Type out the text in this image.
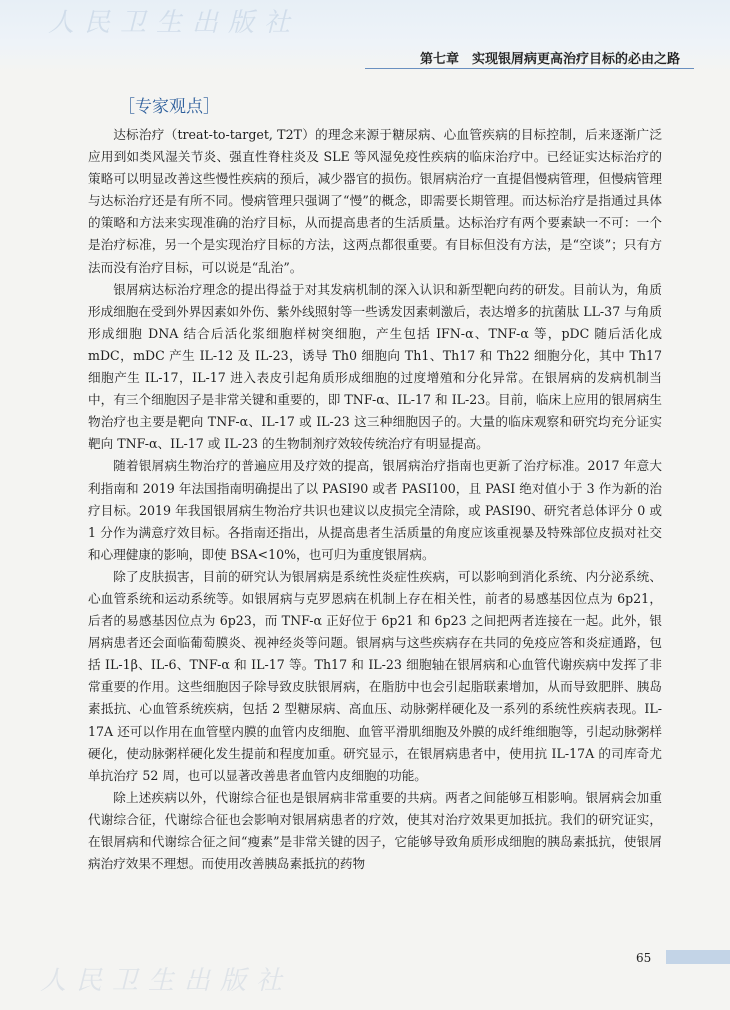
人民卫生出版社
第七章　实现银屑病更高治疗目标的必由之路
［专家观点］

达标治疗（treat-to-target, T2T）的理念来源于糖尿病、心血管疾病的目标控制，后来逐渐广泛应用到如类风湿关节炎、强直性脊柱炎及 SLE 等风湿免疫性疾病的临床治疗中。已经证实达标治疗的策略可以明显改善这些慢性疾病的预后，减少器官的损伤。银屑病治疗一直提倡慢病管理，但慢病管理与达标治疗还是有所不同。慢病管理只强调了“慢”的概念，即需要长期管理。而达标治疗是指通过具体的策略和方法来实现准确的治疗目标，从而提高患者的生活质量。达标治疗有两个要素缺一不可：一个是治疗标准，另一个是实现治疗目标的方法，这两点都很重要。有目标但没有方法，是“空谈”；只有方法而没有治疗目标，可以说是“乱治”。

银屑病达标治疗理念的提出得益于对其发病机制的深入认识和新型靶向药的研发。目前认为，角质形成细胞在受到外界因素如外伤、紫外线照射等一些诱发因素刺激后，表达增多的抗菌肽 LL-37 与角质形成细胞 DNA 结合后活化浆细胞样树突细胞，产生包括 IFN-α、TNF-α 等，pDC 随后活化成 mDC，mDC 产生 IL-12 及 IL-23，诱导 Th0 细胞向 Th1、Th17 和 Th22 细胞分化，其中 Th17 细胞产生 IL-17，IL-17 进入表皮引起角质形成细胞的过度增殖和分化异常。在银屑病的发病机制当中，有三个细胞因子是非常关键和重要的，即 TNF-α、IL-17 和 IL-23。目前，临床上应用的银屑病生物治疗也主要是靶向 TNF-α、IL-17 或 IL-23 这三种细胞因子的。大量的临床观察和研究均充分证实靶向 TNF-α、IL-17 或 IL-23 的生物制剂疗效较传统治疗有明显提高。

随着银屑病生物治疗的普遍应用及疗效的提高，银屑病治疗指南也更新了治疗标准。2017 年意大利指南和 2019 年法国指南明确提出了以 PASI90 或者 PASI100，且 PASI 绝对值小于 3 作为新的治疗目标。2019 年我国银屑病生物治疗共识也建议以皮损完全清除，或 PASI90、研究者总体评分 0 或 1 分作为满意疗效目标。各指南还指出，从提高患者生活质量的角度应该重视暴及特殊部位皮损对社交和心理健康的影响，即使 BSA<10%，也可归为重度银屑病。

除了皮肤损害，目前的研究认为银屑病是系统性炎症性疾病，可以影响到消化系统、内分泌系统、心血管系统和运动系统等。如银屑病与克罗恩病在机制上存在相关性，前者的易感基因位点为 6p21，后者的易感基因位点为 6p23，而 TNF-α 正好位于 6p21 和 6p23 之间把两者连接在一起。此外，银屑病患者还会面临葡萄膜炎、视神经炎等问题。银屑病与这些疾病存在共同的免疫应答和炎症通路，包括 IL-1β、IL-6、TNF-α 和 IL-17 等。Th17 和 IL-23 细胞轴在银屑病和心血管代谢疾病中发挥了非常重要的作用。这些细胞因子除导致皮肤银屑病，在脂肪中也会引起脂联素增加，从而导致肥胖、胰岛素抵抗、心血管系统疾病，包括 2 型糖尿病、高血压、动脉粥样硬化及一系列的系统性疾病表现。IL-17A 还可以作用在血管壁内膜的血管内皮细胞、血管平滑肌细胞及外膜的成纤维细胞等，引起动脉粥样硬化，使动脉粥样硬化发生提前和程度加重。研究显示，在银屑病患者中，使用抗 IL-17A 的司库奇尤单抗治疗 52 周，也可以显著改善患者血管内皮细胞的功能。

除上述疾病以外，代谢综合征也是银屑病非常重要的共病。两者之间能够互相影响。银屑病会加重代谢综合征，代谢综合征也会影响对银屑病患者的疗效，使其对治疗效果更加抵抗。我们的研究证实，在银屑病和代谢综合征之间“瘦素”是非常关键的因子，它能够导致角质形成细胞的胰岛素抵抗，使银屑病治疗效果不理想。而使用改善胰岛素抵抗的药物

人民卫生出版社
65
